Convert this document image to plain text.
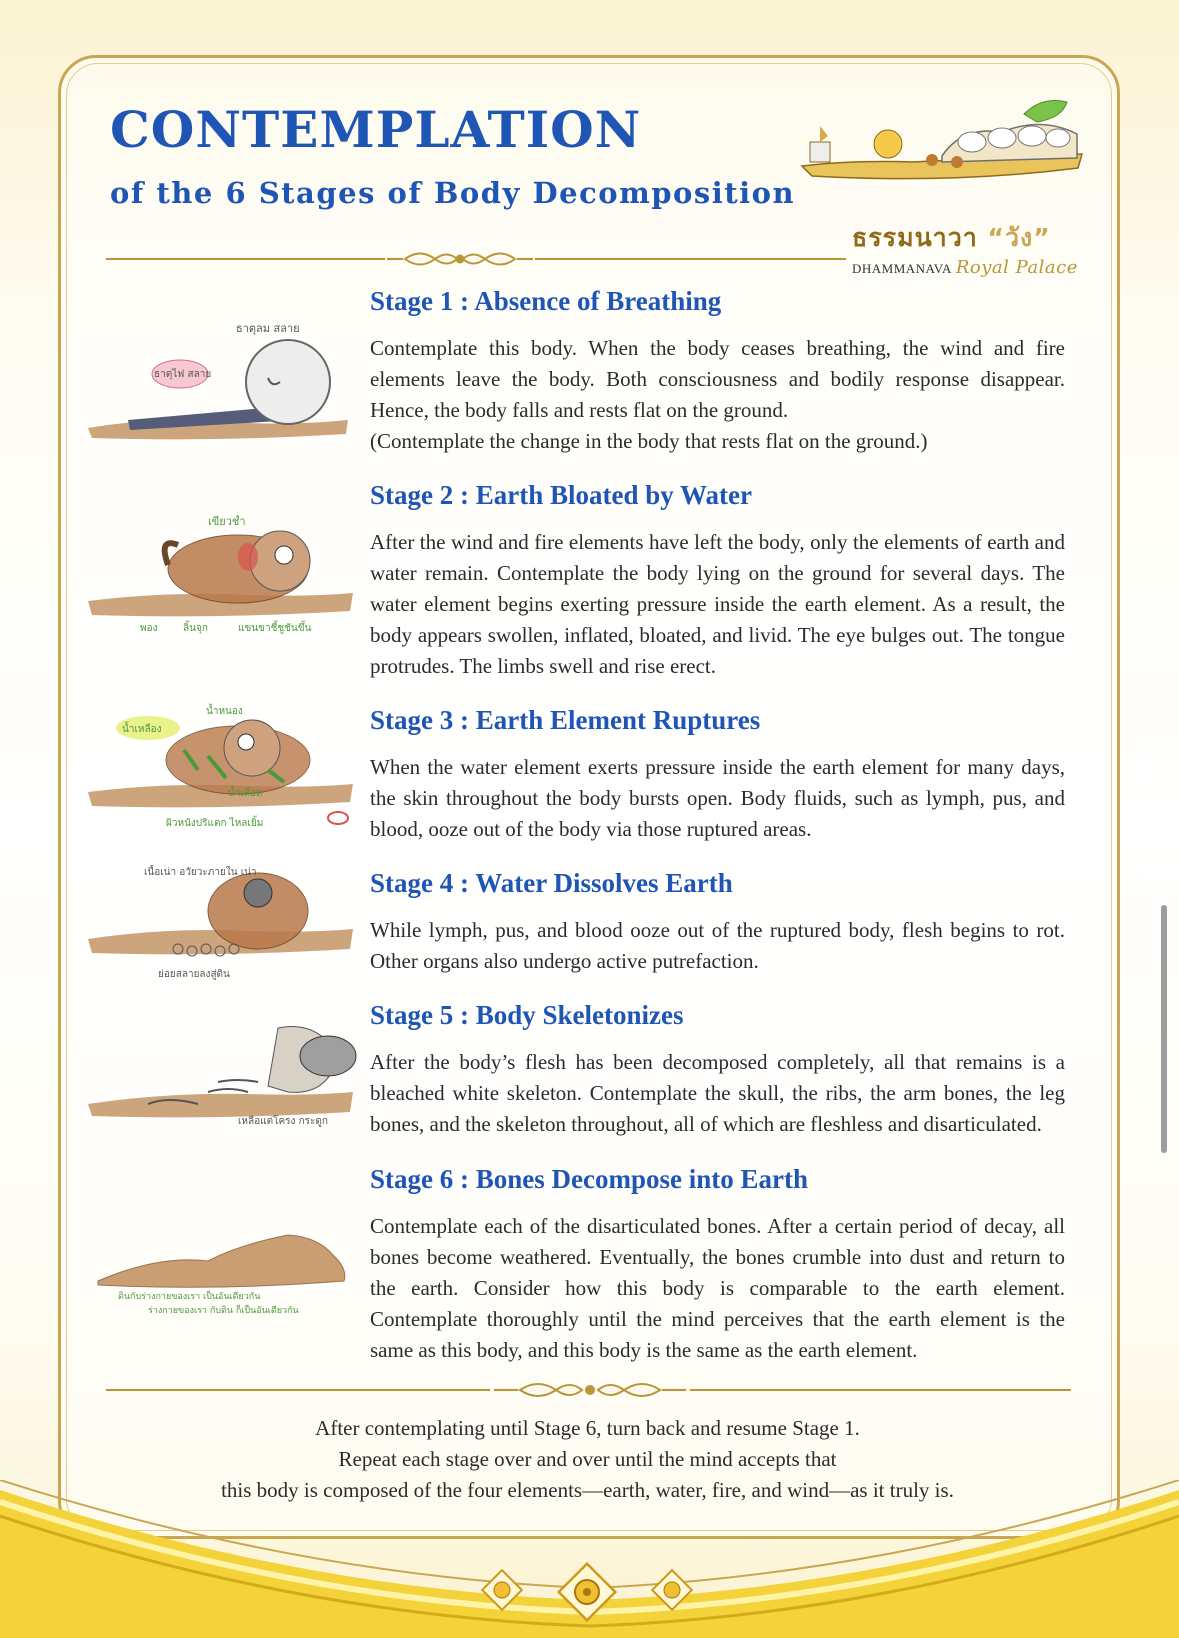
CONTEMPLATION
of the 6 Stages of Body Decomposition
ธรรมนาวา “วัง”
DHAMMANAVA Royal Palace
ธาตุไฟ สลาย
ธาตุลม สลาย
เขียวช้ำ
พอง	ลิ้นจุก	แขนขาชี้ชูชันขึ้น
น้ำเหลือง
น้ำหนอง
น้ำเลือด
ผิวหนังปริแตก ไหลเยิ้ม
เนื้อเน่า อวัยวะภายใน เน่า
ย่อยสลายลงสู่ดิน
เหลือแต่โครง กระดูก
ดินกับร่างกายของเรา เป็นอันเดียวกัน
ร่างกายของเรา กับดิน ก็เป็นอันเดียวกัน
Stage 1 : Absence of Breathing

Contemplate this body. When the body ceases breathing, the wind and fire elements leave the body. Both consciousness and bodily response disappear. Hence, the body falls and rests flat on the ground.

(Contemplate the change in the body that rests flat on the ground.)

Stage 2 : Earth Bloated by Water

After the wind and fire elements have left the body, only the elements of earth and water remain. Contemplate the body lying on the ground for several days. The water element begins exerting pressure inside the earth element. As a result, the body appears swollen, inflated, bloated, and livid. The eye bulges out. The tongue protrudes. The limbs swell and rise erect.

Stage 3 : Earth Element Ruptures

When the water element exerts pressure inside the earth element for many days, the skin throughout the body bursts open. Body fluids, such as lymph, pus, and blood, ooze out of the body via those ruptured areas.

Stage 4 : Water Dissolves Earth

While lymph, pus, and blood ooze out of the ruptured body, flesh begins to rot. Other organs also undergo active putrefaction.

Stage 5 : Body Skeletonizes

After the body’s flesh has been decomposed completely, all that remains is a bleached white skeleton. Contemplate the skull, the ribs, the arm bones, the leg bones, and the skeleton throughout, all of which are fleshless and disarticulated.

Stage 6 : Bones Decompose into Earth

Contemplate each of the disarticulated bones. After a certain period of decay, all bones become weathered. Eventually, the bones crumble into dust and return to the earth. Consider how this body is comparable to the earth element. Contemplate thoroughly until the mind perceives that the earth element is the same as this body, and this body is the same as the earth element.

After contemplating until Stage 6, turn back and resume Stage 1.
Repeat each stage over and over until the mind accepts that
this body is composed of the four elements—earth, water, fire, and wind—as it truly is.
